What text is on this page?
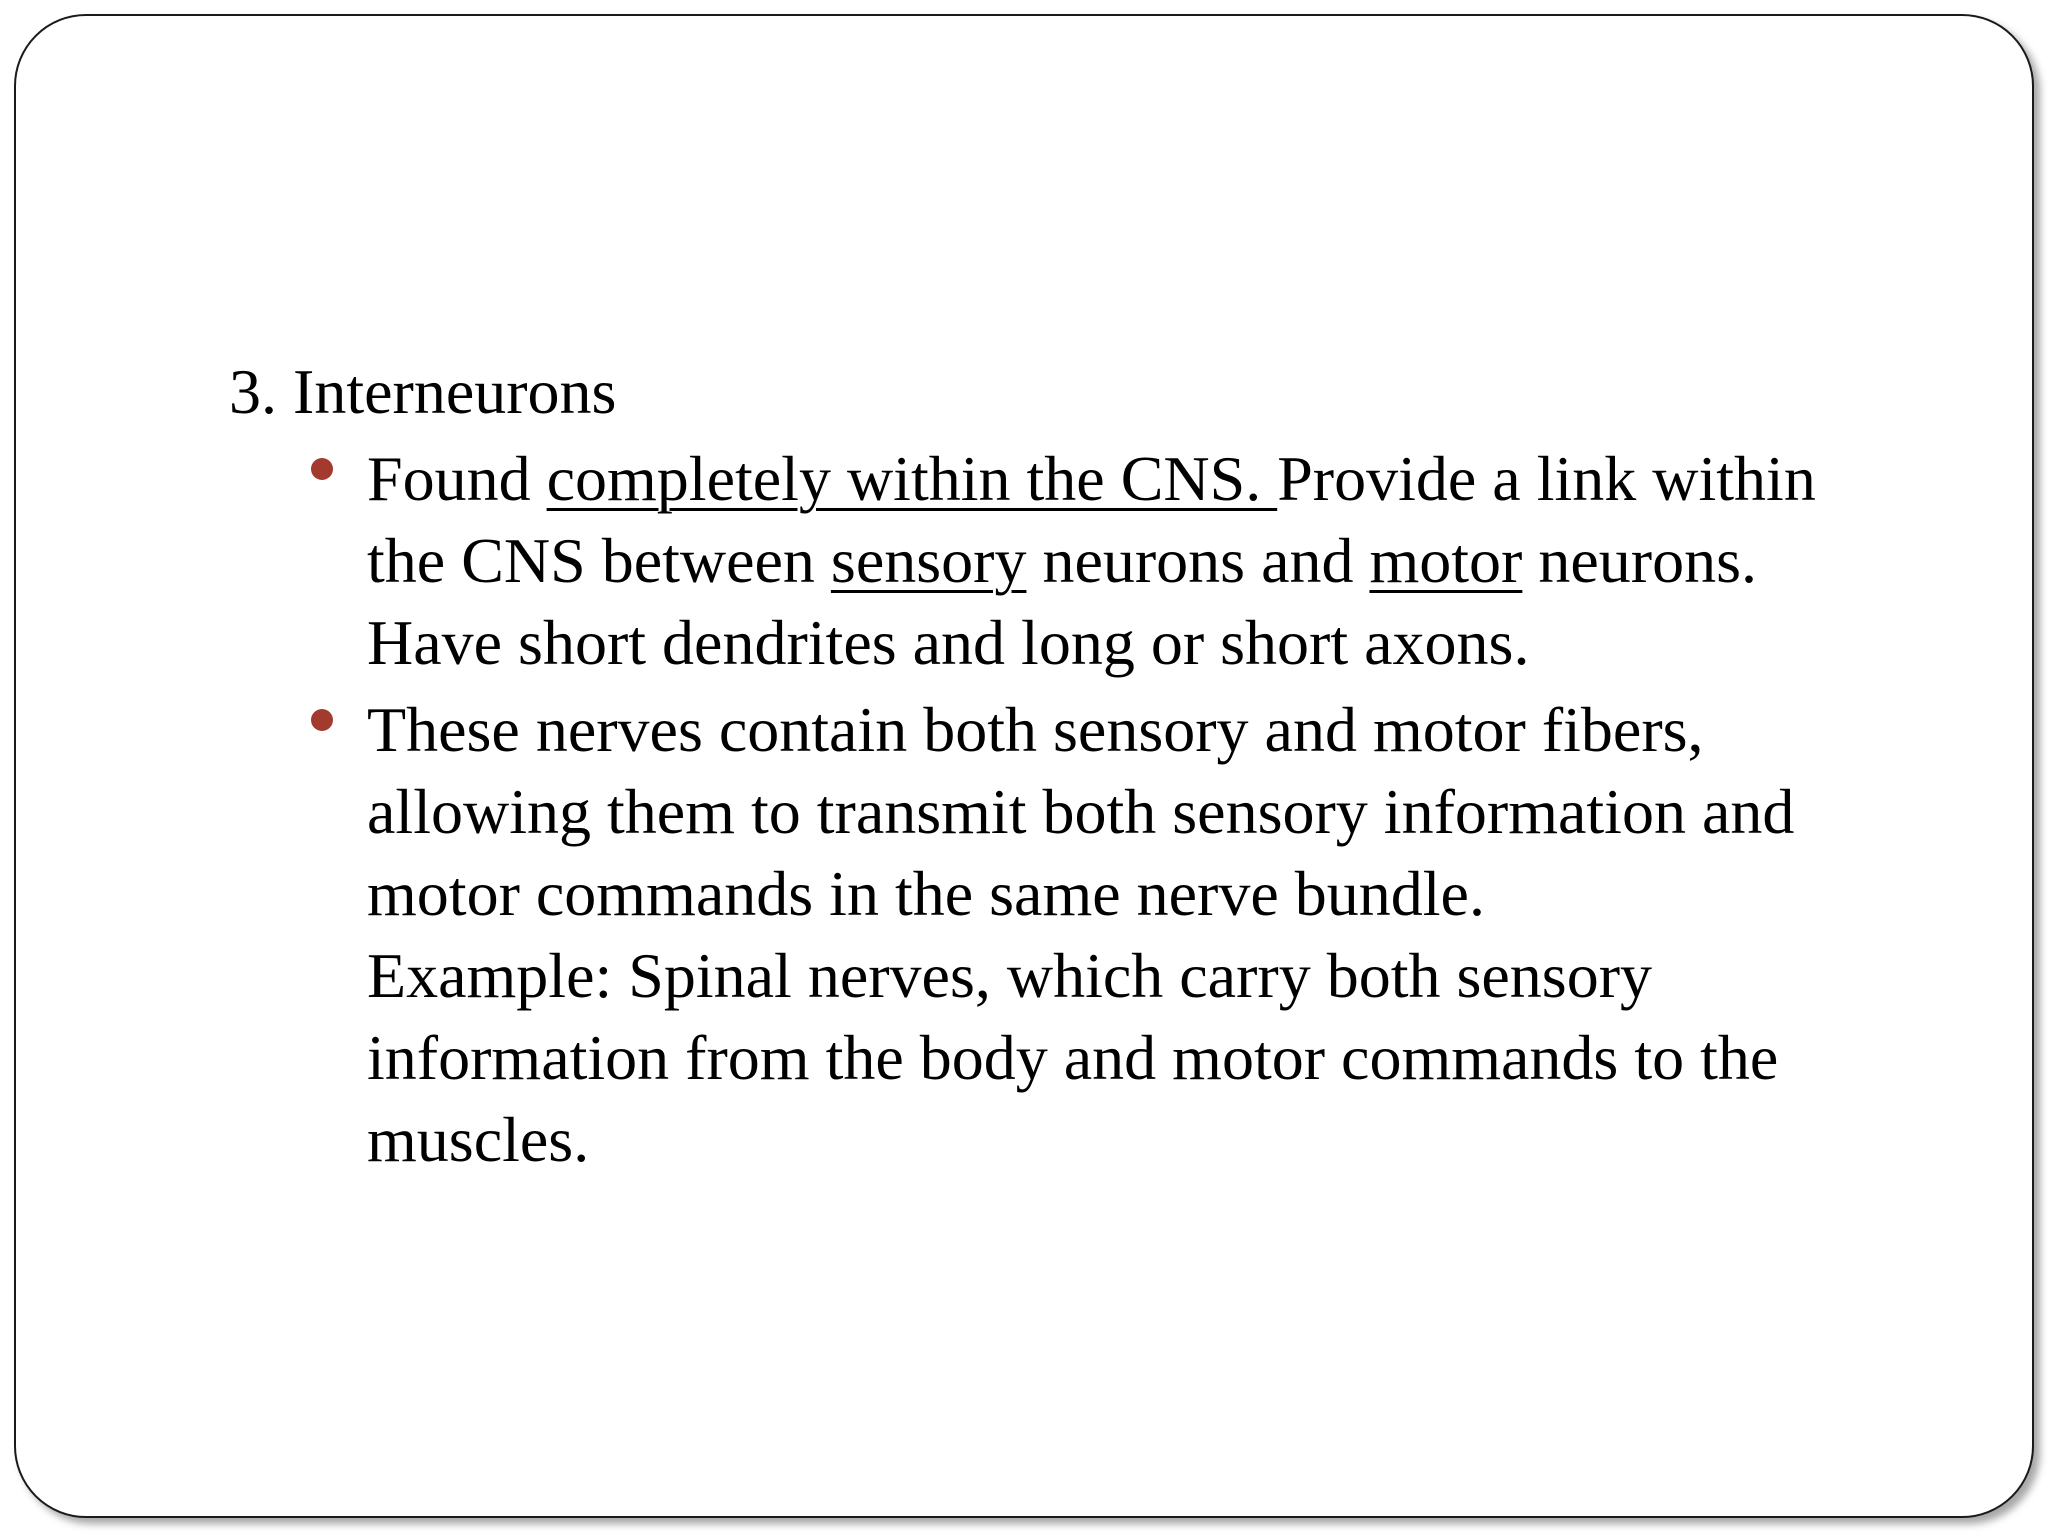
3. Interneurons
Found completely within the CNS. Provide a link within
the CNS between sensory neurons and motor neurons.
Have short dendrites and long or short axons.
These nerves contain both sensory and motor fibers,
allowing them to transmit both sensory information and
motor commands in the same nerve bundle.
Example: Spinal nerves, which carry both sensory
information from the body and motor commands to the
muscles.
